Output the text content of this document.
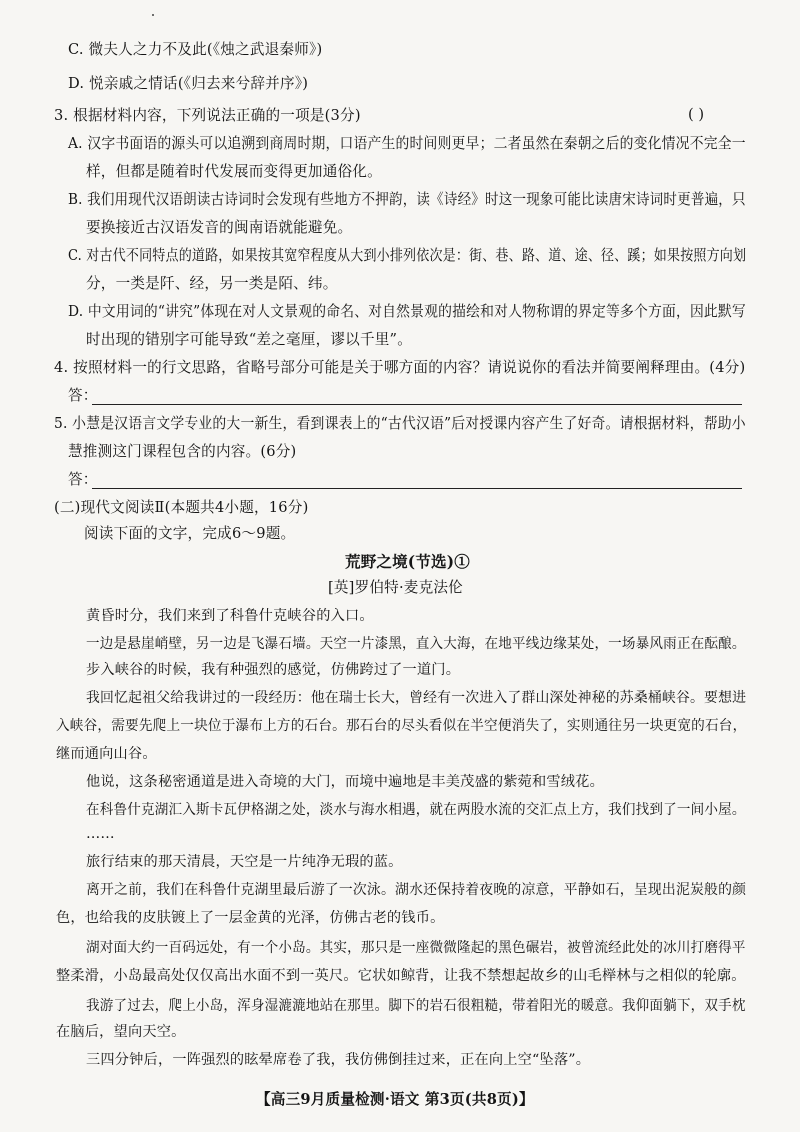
C. 微夫人之力不及此(《烛之武退秦师》)
D. 悦亲戚之情话(《归去来兮辞并序》)
3. 根据材料内容，下列说法正确的一项是(3分)	( )
A. 汉字书面语的源头可以追溯到商周时期，口语产生的时间则更早；二者虽然在秦朝之后的变化情况不完全一
样，但都是随着时代发展而变得更加通俗化。
B. 我们用现代汉语朗读古诗词时会发现有些地方不押韵，读《诗经》时这一现象可能比读唐宋诗词时更普遍，只
要换接近古汉语发音的闽南语就能避免。
C. 对古代不同特点的道路，如果按其宽窄程度从大到小排列依次是：街、巷、路、道、途、径、蹊；如果按照方向划
分，一类是阡、经，另一类是陌、纬。
D. 中文用词的“讲究”体现在对人文景观的命名、对自然景观的描绘和对人物称谓的界定等多个方面，因此默写
时出现的错别字可能导致“差之毫厘，谬以千里”。
4. 按照材料一的行文思路，省略号部分可能是关于哪方面的内容？请说说你的看法并简要阐释理由。(4分)
答：
5. 小慧是汉语言文学专业的大一新生，看到课表上的“古代汉语”后对授课内容产生了好奇。请根据材料，帮助小
慧推测这门课程包含的内容。(6分)
答：
(二)现代文阅读Ⅱ(本题共4小题，16分)
阅读下面的文字，完成6～9题。
荒野之境(节选)①
[英]罗伯特·麦克法伦
黄昏时分，我们来到了科鲁什克峡谷的入口。
一边是悬崖峭壁，另一边是飞瀑石墙。天空一片漆黑，直入大海，在地平线边缘某处，一场暴风雨正在酝酿。
步入峡谷的时候，我有种强烈的感觉，仿佛跨过了一道门。
我回忆起祖父给我讲过的一段经历：他在瑞士长大，曾经有一次进入了群山深处神秘的苏桑桶峡谷。要想进
入峡谷，需要先爬上一块位于瀑布上方的石台。那石台的尽头看似在半空便消失了，实则通往另一块更宽的石台，
继而通向山谷。
他说，这条秘密通道是进入奇境的大门，而境中遍地是丰美茂盛的紫菀和雪绒花。
在科鲁什克湖汇入斯卡瓦伊格湖之处，淡水与海水相遇，就在两股水流的交汇点上方，我们找到了一间小屋。
……
旅行结束的那天清晨，天空是一片纯净无瑕的蓝。
离开之前，我们在科鲁什克湖里最后游了一次泳。湖水还保持着夜晚的凉意，平静如石，呈现出泥炭般的颜
色，也给我的皮肤镀上了一层金黄的光泽，仿佛古老的钱币。
湖对面大约一百码远处，有一个小岛。其实，那只是一座微微隆起的黑色碾岩，被曾流经此处的冰川打磨得平
整柔滑，小岛最高处仅仅高出水面不到一英尺。它状如鲸背，让我不禁想起故乡的山毛榉林与之相似的轮廓。
我游了过去，爬上小岛，浑身湿漉漉地站在那里。脚下的岩石很粗糙，带着阳光的暖意。我仰面躺下，双手枕
在脑后，望向天空。
三四分钟后，一阵强烈的眩晕席卷了我，我仿佛倒挂过来，正在向上空“坠落”。
【高三9月质量检测·语文 第3页(共8页)】
